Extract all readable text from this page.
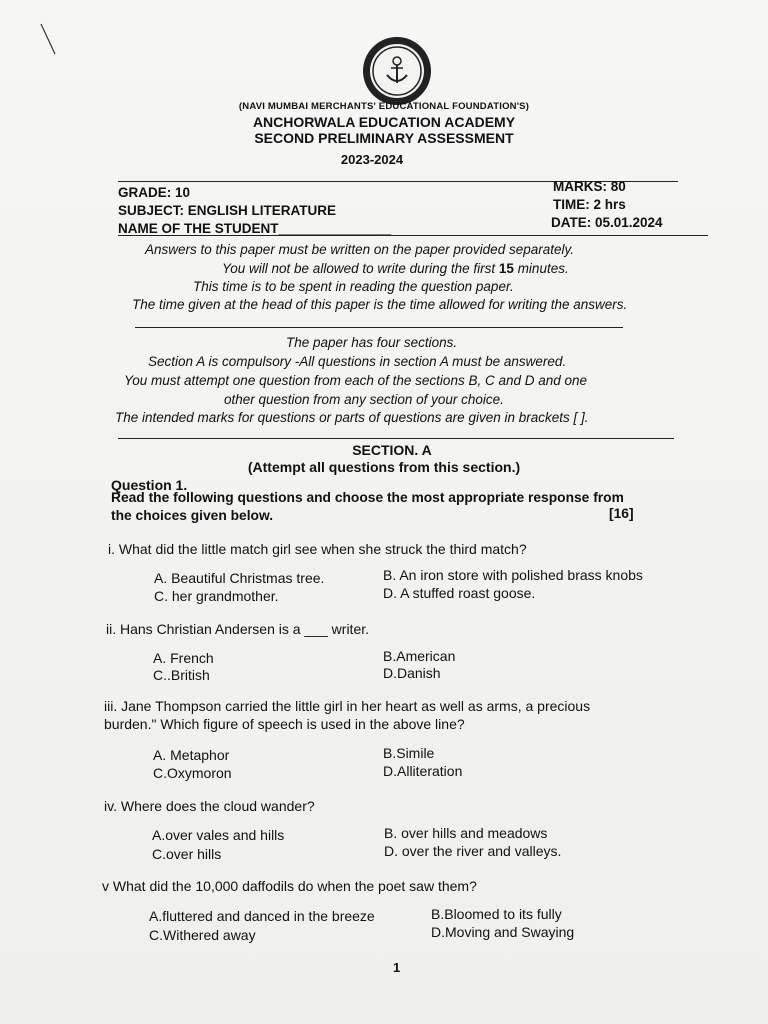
(NAVI MUMBAI MERCHANTS' EDUCATIONAL FOUNDATION'S)
ANCHORWALA EDUCATION ACADEMY
SECOND PRELIMINARY ASSESSMENT
2023-2024
GRADE: 10
SUBJECT: ENGLISH LITERATURE
NAME OF THE STUDENT_______________
MARKS: 80
TIME: 2 hrs
DATE: 05.01.2024
Answers to this paper must be written on the paper provided separately.
You will not be allowed to write during the first 15 minutes.
This time is to be spent in reading the question paper.
The time given at the head of this paper is the time allowed for writing the answers.
The paper has four sections.
Section A is compulsory -All questions in section A must be answered.
You must attempt one question from each of the sections B, C and D and one
other question from any section of your choice.
The intended marks for questions or parts of questions are given in brackets [ ].
SECTION. A
(Attempt all questions from this section.)
Question 1.
Read the following questions and choose the most appropriate response from
the choices given below.	[16]
i. What did the little match girl see when she struck the third match?
A. Beautiful Christmas tree.	B. An iron store with polished brass knobs
C. her grandmother.	D. A stuffed roast goose.
ii. Hans Christian Andersen is a ___ writer.
A. French	B.American
C..British	D.Danish
iii. Jane Thompson carried the little girl in her heart as well as arms, a precious
burden." Which figure of speech is used in the above line?
A. Metaphor	B.Simile
C.Oxymoron	D.Alliteration
iv. Where does the cloud wander?
A.over vales and hills	B. over hills and meadows
C.over hills	D. over the river and valleys.
v What did the 10,000 daffodils do when the poet saw them?
A.fluttered and danced in the breeze	B.Bloomed to its fully
C.Withered away	D.Moving and Swaying
1
